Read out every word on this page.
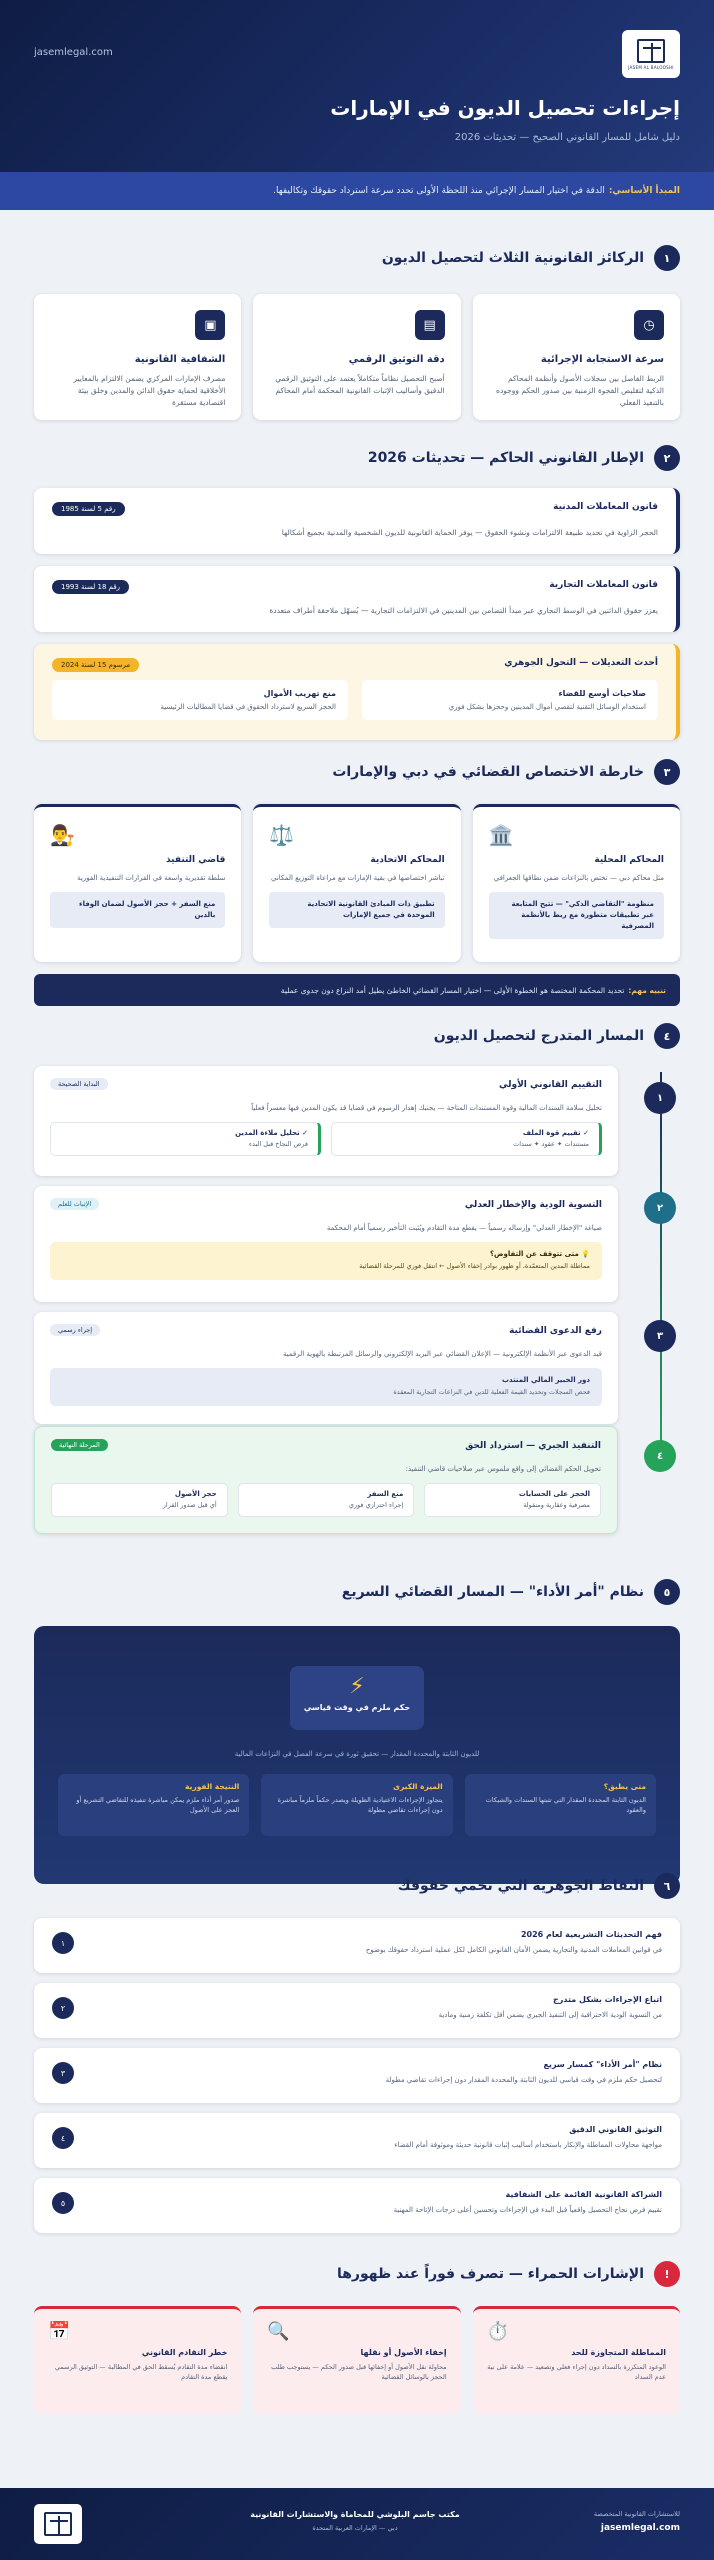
JASEM AL BALOOSHI
jasemlegal.com
إجراءات تحصيل الديون في الإمارات
دليل شامل للمسار القانوني الصحيح — تحديثات 2026
المبدأ الأساسي:
الدقة في اختيار المسار الإجرائي منذ اللحظة الأولى تحدد سرعة استرداد حقوقك وتكاليفها.
١
الركائز القانونية الثلاث لتحصيل الديون
◷
سرعة الاستجابة الإجرائية

الربط الفاصل بين سجلات الأصول وأنظمة المحاكم الذكية لتقليص الفجوة الزمنية بين صدور الحكم ووجوده بالتنفيذ الفعلي

▤
دقة التوثيق الرقمي

أصبح التحصيل نظاماً متكاملاً يعتمد على التوثيق الرقمي الدقيق وأساليب الإثبات القانونية المحكمة أمام المحاكم

▣
الشفافية القانونية

مصرف الإمارات المركزي يضمن الالتزام بالمعايير الأخلاقية لحماية حقوق الدائن والمدين وخلق بيئة اقتصادية مستقرة

٢
الإطار القانوني الحاكم — تحديثات 2026
قانون المعاملات المدنية
رقم 5 لسنة 1985

الحجر الزاوية في تحديد طبيعة الالتزامات ونشوء الحقوق — يوفر الحماية القانونية للديون الشخصية والمدنية بجميع أشكالها

قانون المعاملات التجارية
رقم 18 لسنة 1993

يعزز حقوق الدائنين في الوسط التجاري عبر مبدأ التضامن بين المدينين في الالتزامات التجارية — يُسهّل ملاحقة أطراف متعددة

أحدث التعديلات — التحول الجوهري
مرسوم 15 لسنة 2024
صلاحيات أوسع للقضاء

استخدام الوسائل التقنية لتقصي أموال المدينين وحجزها بشكل فوري

منع تهريب الأموال

الحجز السريع لاسترداد الحقوق في قضايا المطالبات الرئيسية

٣
خارطة الاختصاص القضائي في دبي والإمارات
🏛️
المحاكم المحلية

مثل محاكم دبي — تختص بالنزاعات ضمن نطاقها الجغرافي

منظومة "التقاضي الذكي" — تتيح المتابعة عبر تطبيقات متطورة مع ربط بالأنظمة المصرفية
⚖️
المحاكم الاتحادية

تباشر اختصاصها في بقية الإمارات مع مراعاة التوزيع المكاني

تطبيق ذات المبادئ القانونية الاتحادية الموحدة في جميع الإمارات
👨‍⚖️
قاضي التنفيذ

سلطة تقديرية واسعة في القرارات التنفيذية الفورية

منع السفر + حجز الأصول لضمان الوفاء بالدين
تنبيه مهم:
تحديد المحكمة المختصة هو الخطوة الأولى — اختيار المسار القضائي الخاطئ يطيل أمد النزاع دون جدوى عملية
٤
المسار المتدرج لتحصيل الديون
١
التقييم القانوني الأولي
البداية الصحيحة

تحليل سلامة السندات المالية وقوة المستندات المتاحة — يجنبك إهدار الرسوم في قضايا قد يكون المدين فيها معسراً فعلياً

✓ تقييم قوة الملف

مستندات ✦ عقود ✦ سندات

✓ تحليل ملاءة المدين

فرص النجاح قبل البدء

٢
التسوية الودية والإخطار العدلي
الإثبات للعلم

صياغة "الإخطار العدلي" وإرساله رسمياً — يقطع مدة التقادم ويُثبت التأخير رسمياً أمام المحكمة

💡 متى تتوقف عن التفاوض؟

مماطلة المدين المتعمّدة، أو ظهور بوادر إخفاء الأصول ← انتقل فوري للمرحلة القضائية

٣
رفع الدعوى القضائية
إجراء رسمي

قيد الدعوى عبر الأنظمة الإلكترونية — الإعلان القضائي عبر البريد الإلكتروني والرسائل المرتبطة بالهوية الرقمية

دور الخبير المالي المنتدب

فحص السجلات وتحديد القيمة الفعلية للدين في النزاعات التجارية المعقدة

٤
التنفيذ الجبري — استرداد الحق
المرحلة النهائية

تحويل الحكم القضائي إلى واقع ملموس عبر صلاحيات قاضي التنفيذ:

الحجز على الحسابات

مصرفية وعقارية ومنقولة

منع السفر

إجراء احترازي فوري

حجز الأصول

أي قبل صدور القرار

٥
نظام "أمر الأداء" — المسار القضائي السريع
⚡
حكم ملزم في وقت قياسي
للديون الثابتة والمحددة المقدار — تحقيق ثورة في سرعة الفصل في النزاعات المالية
متى يطبق؟

الديون الثابتة المحددة المقدار التي تثبتها السندات والشيكات والعقود

الميزة الكبرى

يتجاوز الإجراءات الاعتيادية الطويلة ويصدر حكماً ملزماً مباشرة دون إجراءات تقاضي مطولة

النتيجة الفورية

صدور أمر أداء ملزم يمكن مباشرة تنفيذه للتقاضي التشريع أو العجز على الأصول

٦
النقاط الجوهرية التي تحمي حقوقك
١
فهم التحديثات التشريعية لعام 2026

في قوانين المعاملات المدنية والتجارية يضمن الأمان القانوني الكامل لكل عملية استرداد حقوقك بوضوح

٢
اتباع الإجراءات بشكل متدرج

من التسوية الودية الاحترافية إلى التنفيذ الجبري يضمن أقل تكلفة زمنية ومادية

٣
نظام "أمر الأداء" كمسار سريع

لتحصيل حكم ملزم في وقت قياسي للديون الثابتة والمحددة المقدار دون إجراءات تقاضي مطولة

٤
التوثيق القانوني الدقيق

مواجهة محاولات المماطلة والإنكار باستخدام أساليب إثبات قانونية حديثة وموثوقة أمام القضاء

٥
الشراكة القانونية القائمة على الشفافية

تقييم فرص نجاح التحصيل واقعياً قبل البدء في الإجراءات وتحسين أعلى درجات الإتاحة المهنية

!
الإشارات الحمراء — تصرف فوراً عند ظهورها
⏱️
المماطلة المتجاوزة للحد

الوعود المتكررة بالسداد دون إجراء فعلي وتصعيد — علامة على نية عدم السداد

🔍
إخفاء الأصول أو نقلها

محاولة نقل الأصول أو إخفائها قبل صدور الحكم — يستوجب طلب الحجز بالوسائل القضائية

📅
خطر التقادم القانوني

انقضاء مدة التقادم يُسقط الحق في المطالبة — التوثيق الرسمي يقطع مدة التقادم

مكتب جاسم البلوشي للمحاماة والاستشارات القانونية

دبي — الإمارات العربية المتحدة

للاستشارات القانونية المتخصصة

jasemlegal.com
